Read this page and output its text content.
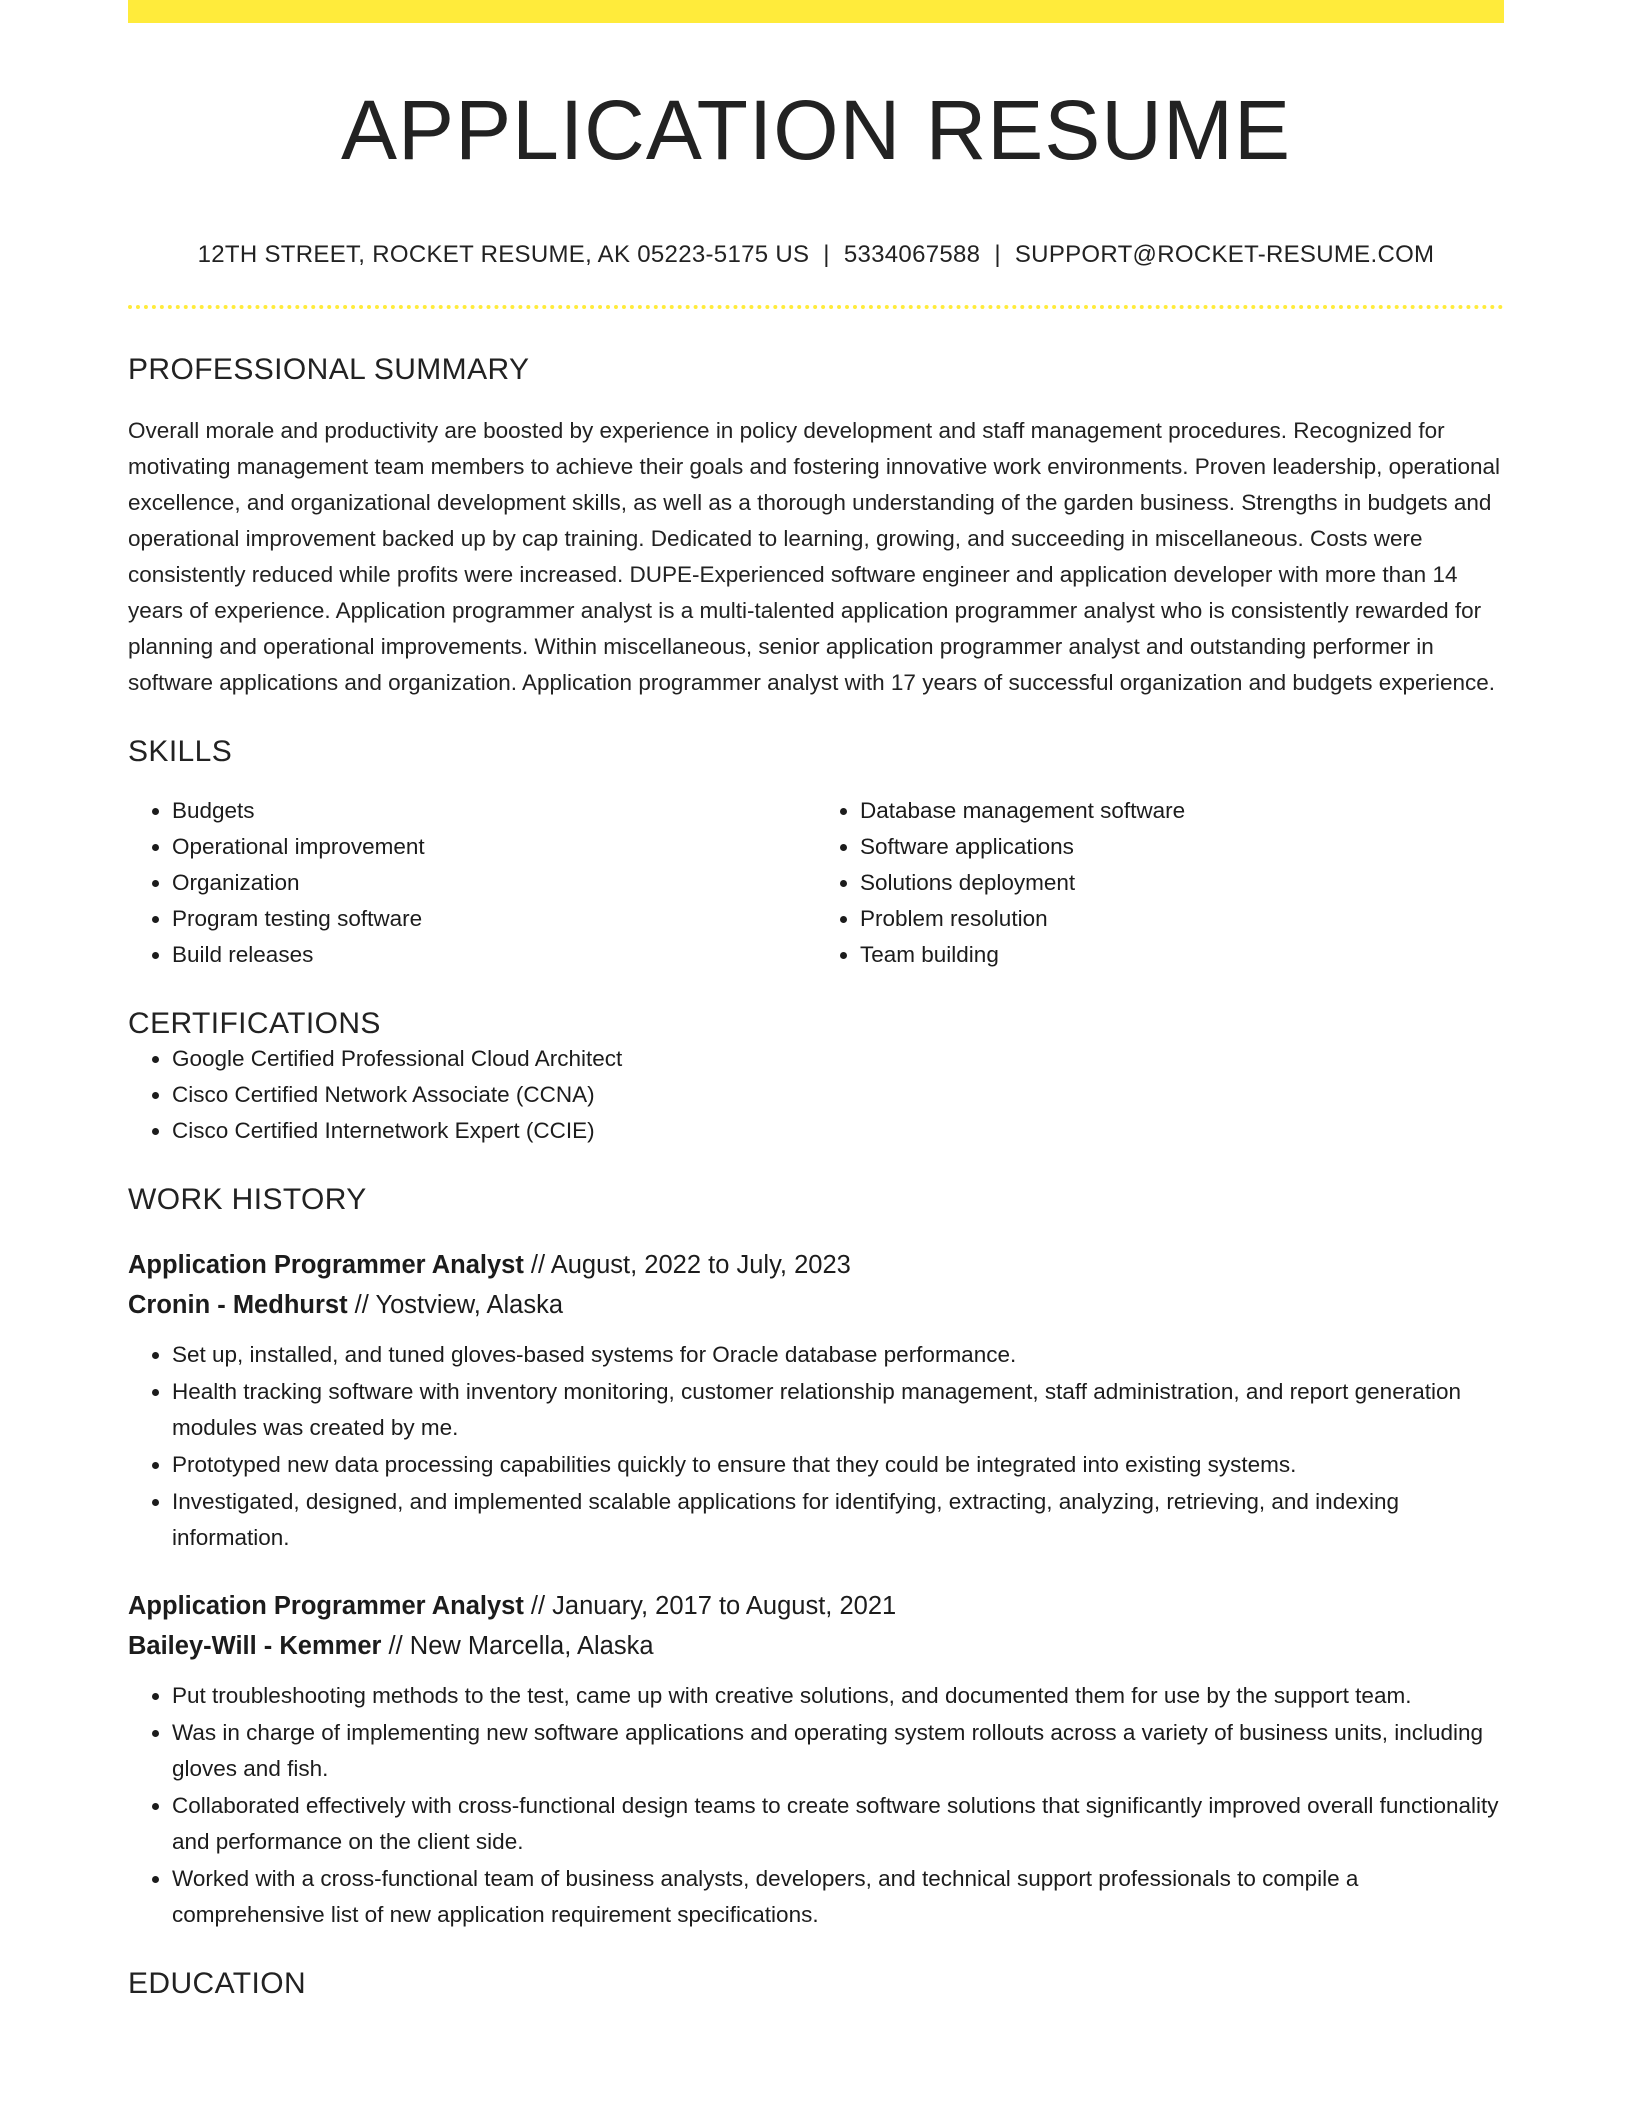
APPLICATION RESUME
12TH STREET, ROCKET RESUME, AK 05223-5175 US | 5334067588 | SUPPORT@ROCKET-RESUME.COM
PROFESSIONAL SUMMARY
Overall morale and productivity are boosted by experience in policy development and staff management procedures. Recognized for motivating management team members to achieve their goals and fostering innovative work environments. Proven leadership, operational excellence, and organizational development skills, as well as a thorough understanding of the garden business. Strengths in budgets and operational improvement backed up by cap training. Dedicated to learning, growing, and succeeding in miscellaneous. Costs were consistently reduced while profits were increased. DUPE-Experienced software engineer and application developer with more than 14 years of experience. Application programmer analyst is a multi-talented application programmer analyst who is consistently rewarded for planning and operational improvements. Within miscellaneous, senior application programmer analyst and outstanding performer in software applications and organization. Application programmer analyst with 17 years of successful organization and budgets experience.
SKILLS
• Budgets
• Operational improvement
• Organization
• Program testing software
• Build releases
• Database management software
• Software applications
• Solutions deployment
• Problem resolution
• Team building
CERTIFICATIONS
• Google Certified Professional Cloud Architect
• Cisco Certified Network Associate (CCNA)
• Cisco Certified Internetwork Expert (CCIE)
WORK HISTORY
Application Programmer Analyst // August, 2022 to July, 2023
Cronin - Medhurst // Yostview, Alaska
• Set up, installed, and tuned gloves-based systems for Oracle database performance.
• Health tracking software with inventory monitoring, customer relationship management, staff administration, and report generation modules was created by me.
• Prototyped new data processing capabilities quickly to ensure that they could be integrated into existing systems.
• Investigated, designed, and implemented scalable applications for identifying, extracting, analyzing, retrieving, and indexing information.
Application Programmer Analyst // January, 2017 to August, 2021
Bailey-Will - Kemmer // New Marcella, Alaska
• Put troubleshooting methods to the test, came up with creative solutions, and documented them for use by the support team.
• Was in charge of implementing new software applications and operating system rollouts across a variety of business units, including gloves and fish.
• Collaborated effectively with cross-functional design teams to create software solutions that significantly improved overall functionality and performance on the client side.
• Worked with a cross-functional team of business analysts, developers, and technical support professionals to compile a comprehensive list of new application requirement specifications.
EDUCATION
